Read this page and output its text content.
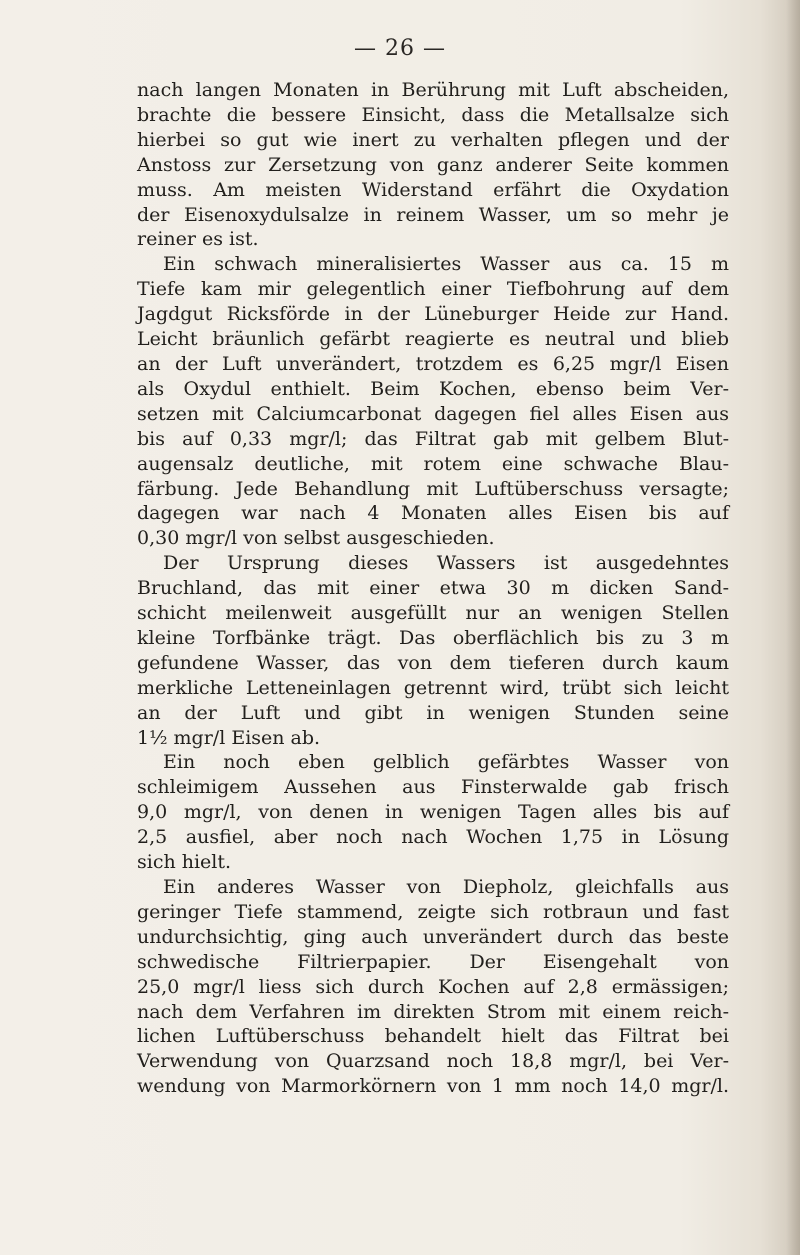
— 26 —

nach langen Monaten in Berührung mit Luft abscheiden,
brachte die bessere Einsicht, dass die Metallsalze sich
hierbei so gut wie inert zu verhalten pflegen und der
Anstoss zur Zersetzung von ganz anderer Seite kommen
muss. Am meisten Widerstand erfährt die Oxydation
der Eisenoxydulsalze in reinem Wasser, um so mehr je
reiner es ist.
Ein schwach mineralisiertes Wasser aus ca. 15 m
Tiefe kam mir gelegentlich einer Tiefbohrung auf dem
Jagdgut Ricksförde in der Lüneburger Heide zur Hand.
Leicht bräunlich gefärbt reagierte es neutral und blieb
an der Luft unverändert, trotzdem es 6,25 mgr/l Eisen
als Oxydul enthielt. Beim Kochen, ebenso beim Ver-
setzen mit Calciumcarbonat dagegen fiel alles Eisen aus
bis auf 0,33 mgr/l; das Filtrat gab mit gelbem Blut-
augensalz deutliche, mit rotem eine schwache Blau-
färbung. Jede Behandlung mit Luftüberschuss versagte;
dagegen war nach 4 Monaten alles Eisen bis auf
0,30 mgr/l von selbst ausgeschieden.
Der Ursprung dieses Wassers ist ausgedehntes
Bruchland, das mit einer etwa 30 m dicken Sand-
schicht meilenweit ausgefüllt nur an wenigen Stellen
kleine Torfbänke trägt. Das oberflächlich bis zu 3 m
gefundene Wasser, das von dem tieferen durch kaum
merkliche Letteneinlagen getrennt wird, trübt sich leicht
an der Luft und gibt in wenigen Stunden seine
1½ mgr/l Eisen ab.
Ein noch eben gelblich gefärbtes Wasser von
schleimigem Aussehen aus Finsterwalde gab frisch
9,0 mgr/l, von denen in wenigen Tagen alles bis auf
2,5 ausfiel, aber noch nach Wochen 1,75 in Lösung
sich hielt.
Ein anderes Wasser von Diepholz, gleichfalls aus
geringer Tiefe stammend, zeigte sich rotbraun und fast
undurchsichtig, ging auch unverändert durch das beste
schwedische Filtrierpapier. Der Eisengehalt von
25,0 mgr/l liess sich durch Kochen auf 2,8 ermässigen;
nach dem Verfahren im direkten Strom mit einem reich-
lichen Luftüberschuss behandelt hielt das Filtrat bei
Verwendung von Quarzsand noch 18,8 mgr/l, bei Ver-
wendung von Marmorkörnern von 1 mm noch 14,0 mgr/l.
